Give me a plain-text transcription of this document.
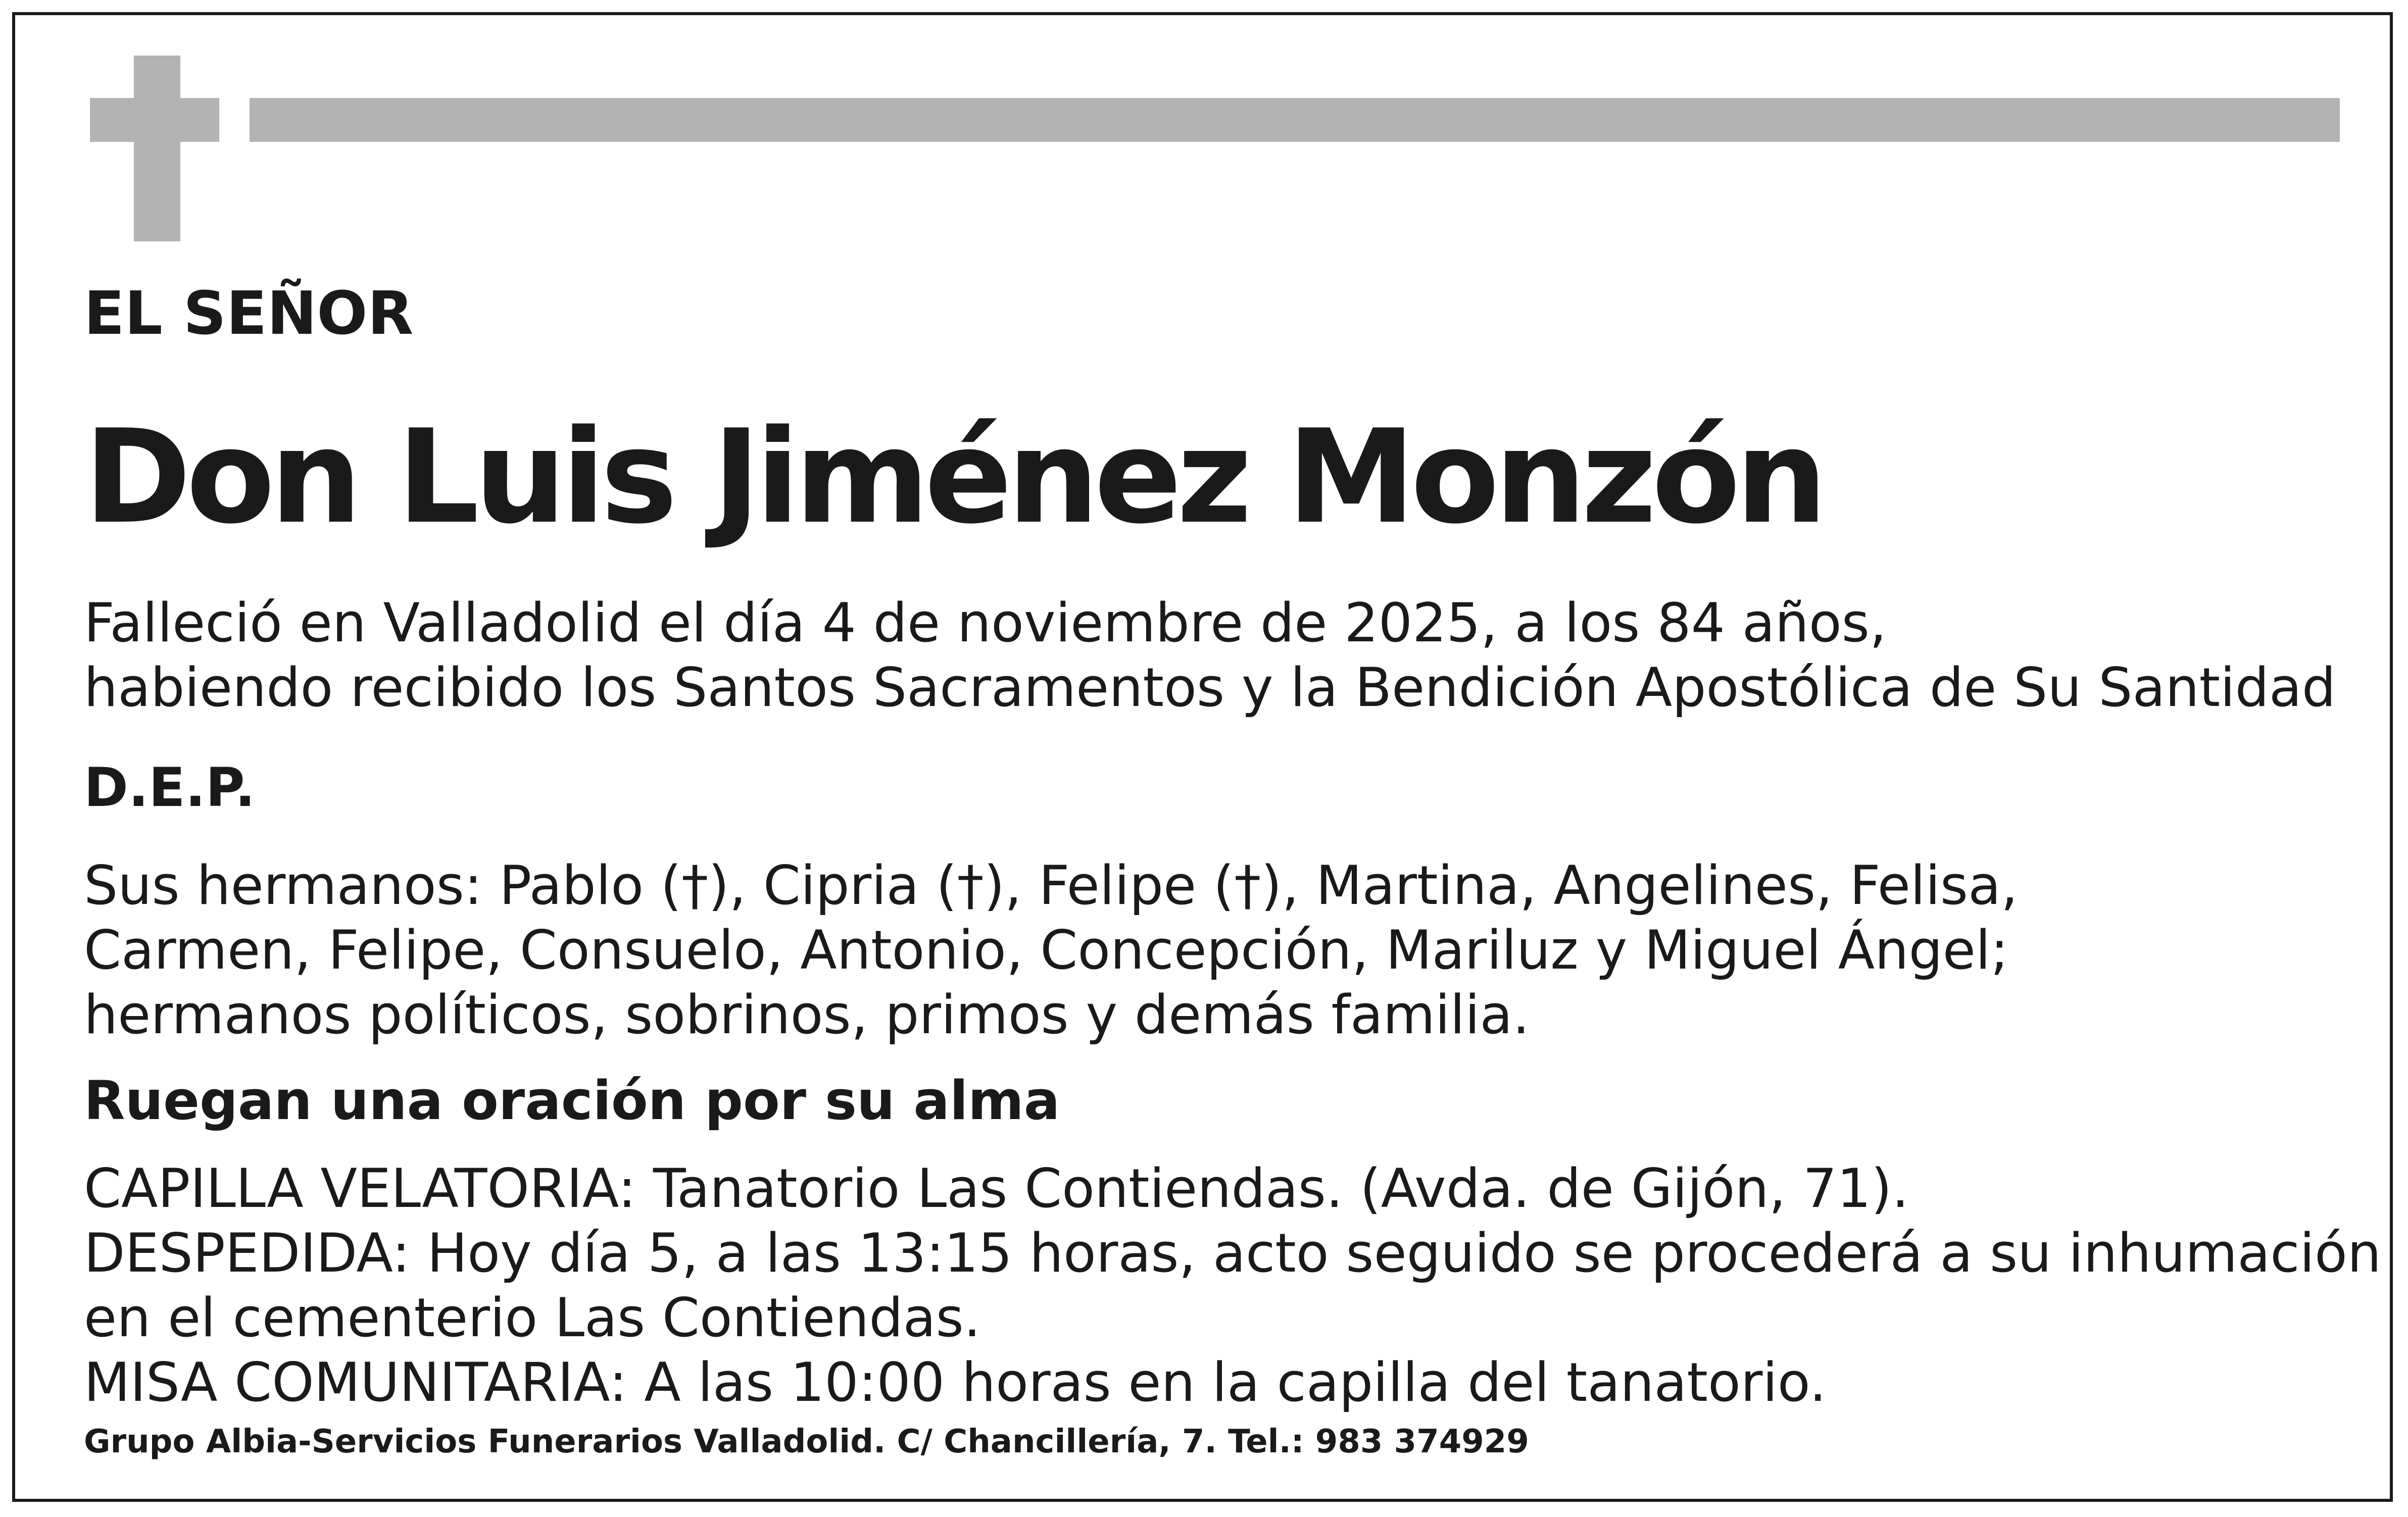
EL SEÑOR

Don Luis Jiménez Monzón
Falleció en Valladolid el día 4 de noviembre de 2025, a los 84 años,
habiendo recibido los Santos Sacramentos y la Bendición Apostólica de Su Santidad

D.E.P.

Sus hermanos: Pablo (†), Cipria (†), Felipe (†), Martina, Angelines, Felisa,
Carmen, Felipe, Consuelo, Antonio, Concepción, Mariluz y Miguel Ángel;
hermanos políticos, sobrinos, primos y demás familia.

Ruegan una oración por su alma

CAPILLA VELATORIA: Tanatorio Las Contiendas. (Avda. de Gijón, 71).
DESPEDIDA: Hoy día 5, a las 13:15 horas, acto seguido se procederá a su inhumación
en el cementerio Las Contiendas.
MISA COMUNITARIA: A las 10:00 horas en la capilla del tanatorio.

Grupo Albia-Servicios Funerarios Valladolid. C/ Chancillería, 7. Tel.: 983 374929
